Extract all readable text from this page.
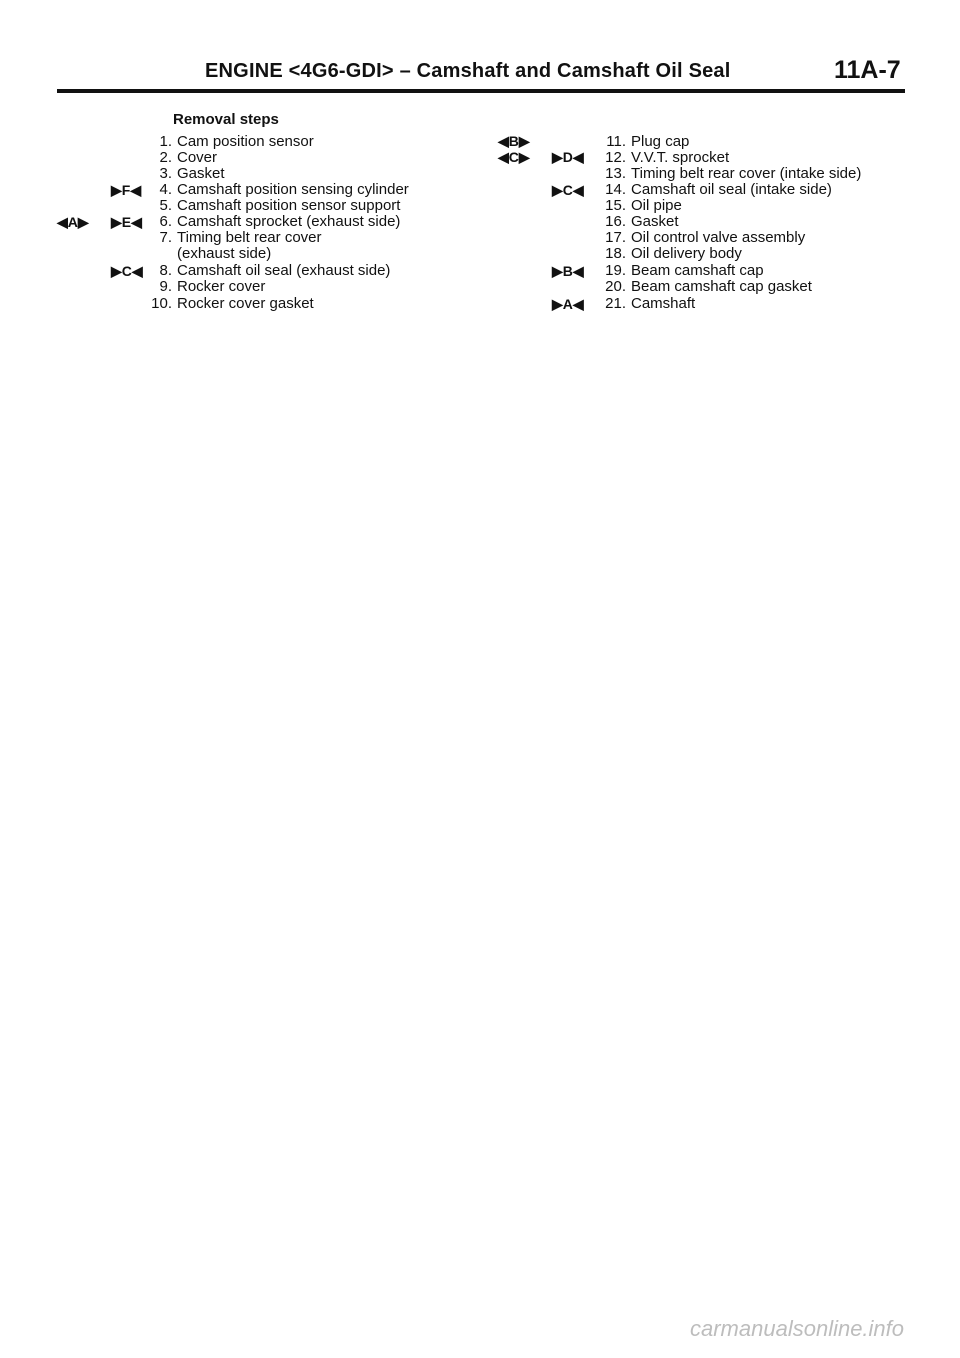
ENGINE <4G6-GDI> – Camshaft and Camshaft Oil Seal	11A-7
Removal steps
▶F◀
◀A▶ ▶E◀
▶C◀
◀B▶
◀C▶ ▶D◀
▶C◀
▶B◀
▶A◀
1. Cam position sensor
2. Cover
3. Gasket
4. Camshaft position sensing cylinder
5. Camshaft position sensor support
6. Camshaft sprocket (exhaust side)
7. Timing belt rear cover
(exhaust side)
8. Camshaft oil seal (exhaust side)
9. Rocker cover
10. Rocker cover gasket
11. Plug cap
12. V.V.T. sprocket
13. Timing belt rear cover (intake side)
14. Camshaft oil seal (intake side)
15. Oil pipe
16. Gasket
17. Oil control valve assembly
18. Oil delivery body
19. Beam camshaft cap
20. Beam camshaft cap gasket
21. Camshaft
carmanualsonline.info
